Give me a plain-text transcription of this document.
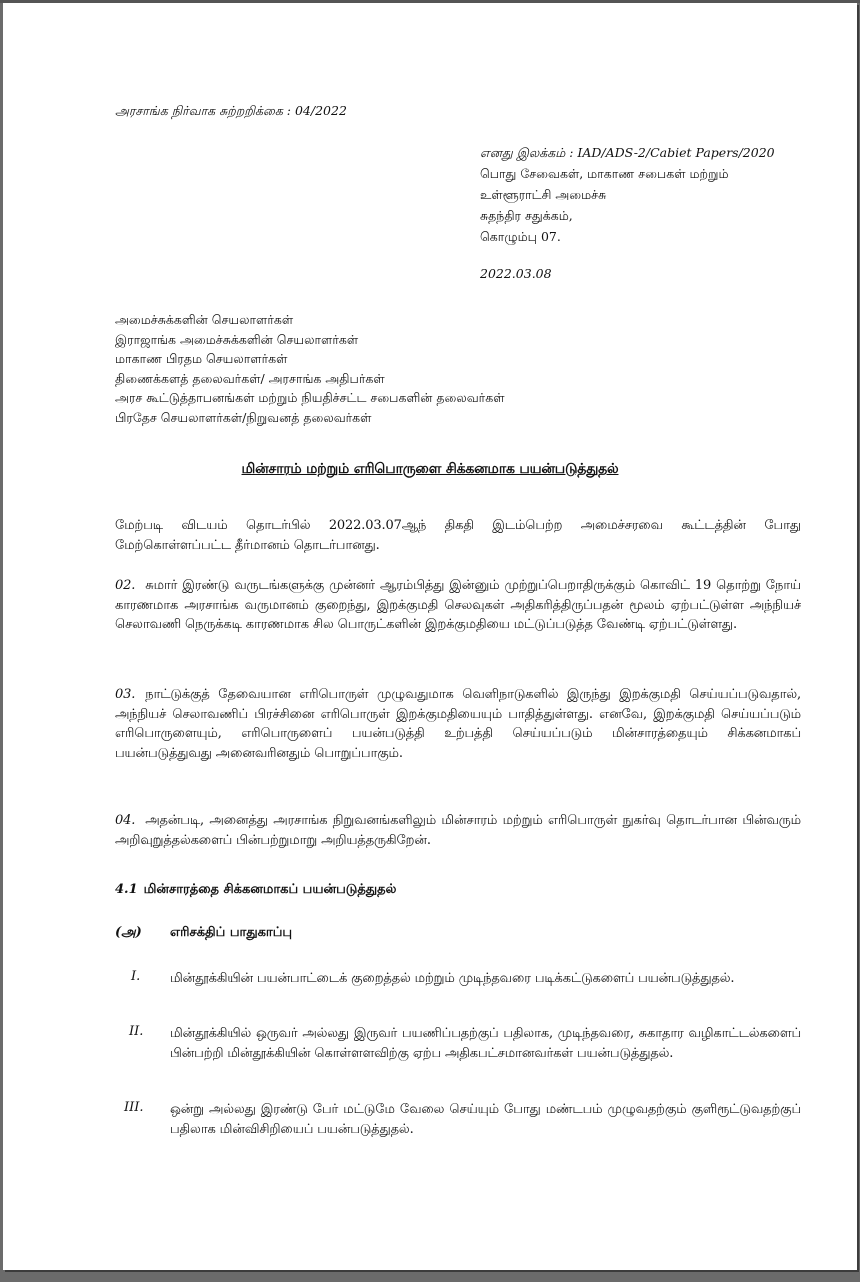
அரசாங்க நிர்வாக சுற்றறிக்கை : 04/2022
எனது இலக்கம் : IAD/ADS-2/Cabiet Papers/2020
பொது சேவைகள், மாகாண சபைகள் மற்றும்
உள்ளூராட்சி அமைச்சு
சுதந்திர சதுக்கம்,
கொழும்பு 07.
2022.03.08
அமைச்சுக்களின் செயலாளர்கள்
இராஜாங்க அமைச்சுக்களின் செயலாளர்கள்
மாகாண பிரதம செயலாளர்கள்
திணைக்களத் தலைவர்கள்/ அரசாங்க அதிபர்கள்
அரச கூட்டுத்தாபனங்கள் மற்றும் நியதிச்சட்ட சபைகளின் தலைவர்கள்
பிரதேச செயலாளர்கள்/நிறுவனத் தலைவர்கள்
மின்சாரம் மற்றும் எரிபொருளை சிக்கனமாக பயன்படுத்துதல்
மேற்படி விடயம் தொடர்பில் 2022.03.07ஆந் திகதி இடம்பெற்ற அமைச்சரவை கூட்டத்தின் போது மேற்கொள்ளப்பட்ட தீர்மானம் தொடர்பானது.
02. சுமார் இரண்டு வருடங்களுக்கு முன்னர் ஆரம்பித்து இன்னும் முற்றுப்பெறாதிருக்கும் கொவிட் 19 தொற்று நோய் காரணமாக அரசாங்க வருமானம் குறைந்து, இறக்குமதி செலவுகள் அதிகரித்திருப்பதன் மூலம் ஏற்பட்டுள்ள அந்நியச் செலாவணி நெருக்கடி காரணமாக சில பொருட்களின் இறக்குமதியை மட்டுப்படுத்த வேண்டி ஏற்பட்டுள்ளது.
03. நாட்டுக்குத் தேவையான எரிபொருள் முழுவதுமாக வெளிநாடுகளில் இருந்து இறக்குமதி செய்யப்படுவதால், அந்நியச் செலாவணிப் பிரச்சினை எரிபொருள் இறக்குமதியையும் பாதித்துள்ளது. எனவே, இறக்குமதி செய்யப்படும் எரிபொருளையும், எரிபொருளைப் பயன்படுத்தி உற்பத்தி செய்யப்படும் மின்சாரத்தையும் சிக்கனமாகப் பயன்படுத்துவது அனைவரினதும் பொறுப்பாகும்.
04. அதன்படி, அனைத்து அரசாங்க நிறுவனங்களிலும் மின்சாரம் மற்றும் எரிபொருள் நுகர்வு தொடர்பான பின்வரும் அறிவுறுத்தல்களைப் பின்பற்றுமாறு அறியத்தருகிறேன்.
4.1 மின்சாரத்தை சிக்கனமாகப் பயன்படுத்துதல்
(அ) எரிசக்திப் பாதுகாப்பு
I. மின்தூக்கியின் பயன்பாட்டைக் குறைத்தல் மற்றும் முடிந்தவரை படிக்கட்டுகளைப் பயன்படுத்துதல்.
II. மின்தூக்கியில் ஒருவர் அல்லது இருவர் பயணிப்பதற்குப் பதிலாக, முடிந்தவரை, சுகாதார வழிகாட்டல்களைப் பின்பற்றி மின்தூக்கியின் கொள்ளளவிற்கு ஏற்ப அதிகபட்சமானவர்கள் பயன்படுத்துதல்.
III. ஒன்று அல்லது இரண்டு பேர் மட்டுமே வேலை செய்யும் போது மண்டபம் முழுவதற்கும் குளிரூட்டுவதற்குப் பதிலாக மின்விசிறியைப் பயன்படுத்துதல்.
